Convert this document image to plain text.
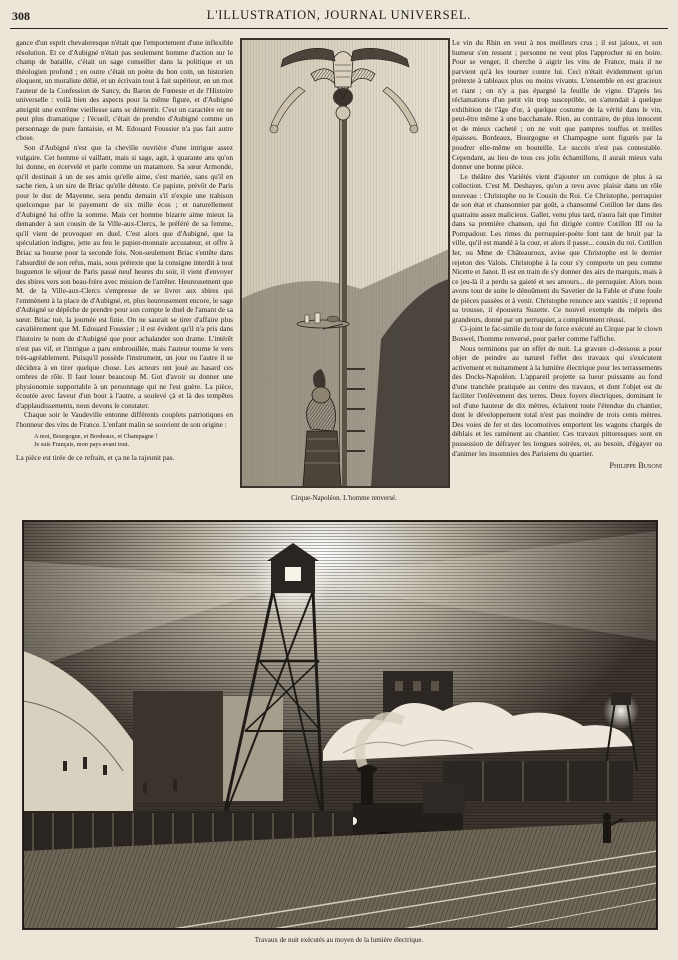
308	L'ILLUSTRATION, JOURNAL UNIVERSEL.

gance d'un esprit chevaleresque n'était que l'emportement d'une inflexible résolution. Et ce d'Aubigné n'était pas seulement homme d'action sur le champ de bataille, c'était un sage conseiller dans la politique et un théologien profond ; en outre c'était un poète du bon coin, un historien éloquent, un moraliste délié, et un écrivain tout à fait supérieur, en un mot l'auteur de la Confession de Sancy, du Baron de Fœneste et de l'Histoire universelle : voilà bien des aspects pour la même figure, et d'Aubigné atteignit une extrême vieillesse sans se démentir. C'est un caractère on ne peut plus dramatique ; l'écueil, c'était de prendre d'Aubigné comme un personnage de pure fantaisie, et M. Edouard Foussier n'a pas fait autre chose.

Son d'Aubigné n'est que la cheville ouvrière d'une intrigue assez vulgaire. Cet homme si vaillant, mais si sage, agit, à quarante ans qu'on lui donne, en écervelé et parle comme un matamore. Sa sœur Armonde, qu'il destinait à un de ses amis qu'elle aime, s'est mariée, sans qu'il en sache rien, à un sire de Briac qu'elle déteste. Ce papiste, prévôt de Paris pour le duc de Mayenne, sera pendu demain s'il n'expie une trahison quelconque par le payement de six mille écus ; et naturellement d'Aubigné lui offre la somme. Mais cet homme bizarre aime mieux la demander à son cousin de la Ville-aux-Clercs, le préféré de sa femme, qu'il vient de provoquer en duel. C'est alors que d'Aubigné, que la spéculation indigne, jette au feu le papier-monnaie accusateur, et offre à Briac sa bourse pour la seconde fois. Non-seulement Briac s'entête dans l'absurdité de son refus, mais, sous prétexte que la consigne interdit à tout huguenot le séjour de Paris passé neuf heures du soir, il vient d'envoyer des sbires vers son beau-frère avec mission de l'arrêter. Heureusement que M. de la Ville-aux-Clercs s'empresse de se livrer aux sbires qui l'emmènent à la place de d'Aubigné, et, plus heureusement encore, le sage d'Aubigné se dépêche de prendre pour son compte le duel de l'amant de sa sœur. Briac tué, la journée est finie. On ne saurait se tirer d'affaire plus cavalièrement que M. Edouard Foussier ; il est évident qu'il n'a pris dans l'histoire le nom de d'Aubigné que pour achalander son drame. L'intérêt n'est pas vif, et l'intrigue a paru embrouillée, mais l'auteur tourne le vers très-agréablement. Puisqu'il possède l'instrument, un jour ou l'autre il se décidera à en tirer quelque chose. Les acteurs ont joué au hasard ces ombres de rôle. Il faut louer beaucoup M. Got d'avoir su donner une physionomie supportable à un personnage qui ne l'est guère. La pièce, écoutée avec faveur d'un bout à l'autre, a soulevé çà et là des tempêtes d'applaudissements, nous devons le constater.

Chaque soir le Vaudeville entonne différents couplets patriotiques en l'honneur des vins de France. L'enfant malin se souvient de son origine :

A moi, Bourgogne, et Bordeaux, et Champagne !

Je suis Français, mon pays avant tout.

La pièce est tirée de ce refrain, et ça ne la rajeunit pas.

Cirque-Napoléon. L'homme renversé.

Le vin du Rhin en veut à nos meilleurs crus ; il est jaloux, et son humeur s'en ressent ; personne ne veut plus l'approcher ni en boire. Pour se venger, il cherche à aigrir les vins de France, mais il ne parvient qu'à les tourner contre lui. Ceci n'était évidemment qu'un prétexte à tableaux plus ou moins vivants. L'ensemble en est gracieux et riant ; on n'y a pas épargné la feuille de vigne. D'après les réclamations d'un petit vin trop susceptible, on s'attendait à quelque exhibition de l'âge d'or, à quelque costume de la vérité dans le vin, peut-être même à une bacchanale. Rien, au contraire, de plus innocent et de mieux cacheté ; on ne voit que pampres touffus et treilles épaisses. Bordeaux, Bourgogne et Champagne sont figurés par la poudrer elle-même en bouteille. Le succès n'est pas contestable. Cependant, au lieu de tous ces jolis échantillons, il aurait mieux valu donner une bonne pièce.

Le théâtre des Variétés vient d'ajouter un comique de plus à sa collection. C'est M. Deshayes, qu'on a revu avec plaisir dans un rôle nouveau : Christophe ou le Cousin du Roi. Ce Christophe, perruquier de son état et chansonnier par goût, a chansonné Cotillon Ier dans des quatrains assez malicieux. Gallet, venu plus tard, n'aura fait que l'imiter dans sa première chanson, qui fut dirigée contre Cotillon III ou la Pompadour. Les rimes du perruquier-poète font tant de bruit par la ville, qu'il est mandé à la cour, et alors il passe... cousin du roi. Cotillon Ier, ou Mme de Châteauroux, avise que Christophe est le dernier rejeton des Valois. Christophe à la cour s'y comporte un peu comme Nicette et Janot. Il est en train de s'y donner des airs de marquis, mais à ce jeu-là il a perdu sa gaieté et ses amours... de perruquier. Alors nous avons tout de suite le dénoûment du Savetier de la Fable et d'une foule de pièces passées et à venir. Christophe renonce aux vanités ; il reprend sa trousse, il épousera Suzette. Ce nouvel exemple du mépris des grandeurs, donné par un perruquier, a complètement réussi.

Ci-joint le fac-simile du tour de force exécuté au Cirque par le clown Boswel, l'homme renversé, pour parler comme l'affiche.

Nous terminons par un effet de nuit. La gravure ci-dessous a pour objet de peindre au naturel l'effet des travaux qui s'exécutent activement et nuitamment à la lumière électrique pour les terrassements des Docks-Napoléon. L'appareil projette sa lueur puissante au fond d'une tranchée pratiquée au centre des travaux, et dont l'objet est de faciliter l'enlèvement des terres. Deux foyers électriques, dominant le sol d'une hauteur de dix mètres, éclairent toute l'étendue du chantier, dont le développement total n'est pas moindre de trois cents mètres. Des voies de fer et des locomotives emportent les wagons chargés de déblais et les ramènent au chantier. Ces travaux pittoresques sont en possession de défrayer les longues soirées, et, au besoin, d'égayer ou d'animer les insomnies des Parisiens du quartier.

Philippe Busoni

Travaux de nuit exécutés au moyen de la lumière électrique.
